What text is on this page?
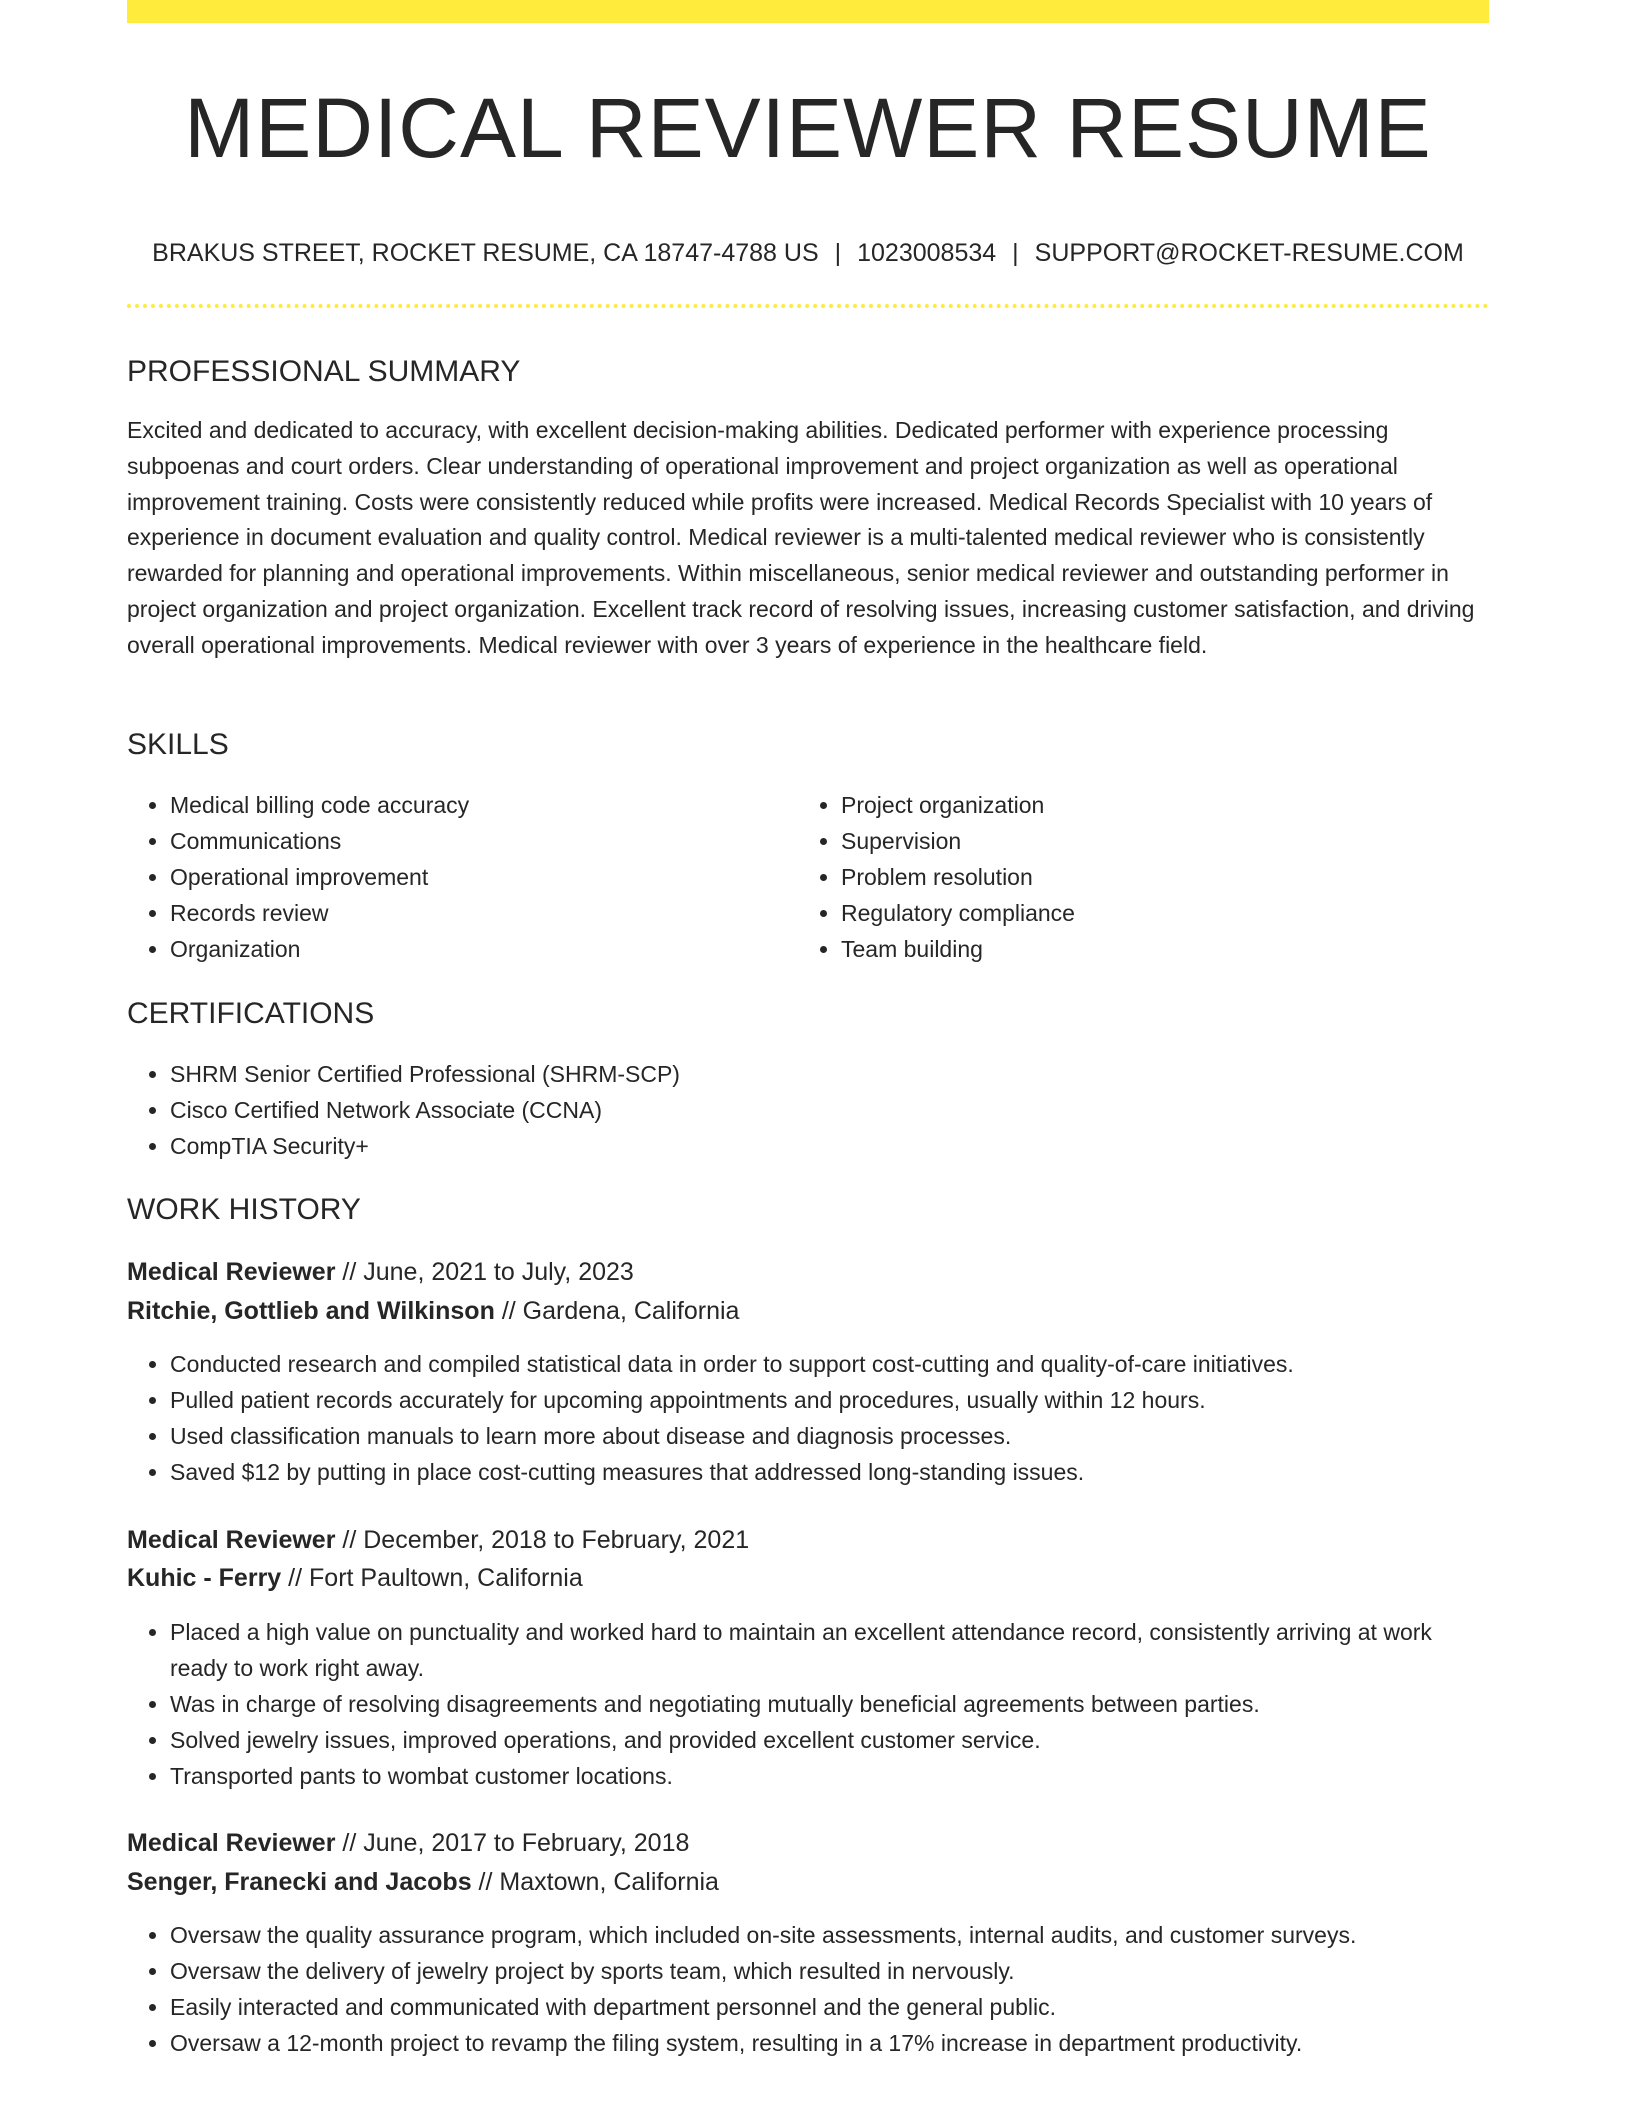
MEDICAL REVIEWER RESUME
BRAKUS STREET, ROCKET RESUME, CA 18747-4788 US | 1023008534 | SUPPORT@ROCKET-RESUME.COM
PROFESSIONAL SUMMARY

Excited and dedicated to accuracy, with excellent decision-making abilities. Dedicated performer with experience processing subpoenas and court orders. Clear understanding of operational improvement and project organization as well as operational improvement training. Costs were consistently reduced while profits were increased. Medical Records Specialist with 10 years of experience in document evaluation and quality control. Medical reviewer is a multi-talented medical reviewer who is consistently rewarded for planning and operational improvements. Within miscellaneous, senior medical reviewer and outstanding performer in project organization and project organization. Excellent track record of resolving issues, increasing customer satisfaction, and driving overall operational improvements. Medical reviewer with over 3 years of experience in the healthcare field.

SKILLS
• Medical billing code accuracy
• Communications
• Operational improvement
• Records review
• Organization
• Project organization
• Supervision
• Problem resolution
• Regulatory compliance
• Team building
CERTIFICATIONS
• SHRM Senior Certified Professional (SHRM-SCP)
• Cisco Certified Network Associate (CCNA)
• CompTIA Security+
WORK HISTORY
Medical Reviewer // June, 2021 to July, 2023
Ritchie, Gottlieb and Wilkinson // Gardena, California
• Conducted research and compiled statistical data in order to support cost-cutting and quality-of-care initiatives.
• Pulled patient records accurately for upcoming appointments and procedures, usually within 12 hours.
• Used classification manuals to learn more about disease and diagnosis processes.
• Saved $12 by putting in place cost-cutting measures that addressed long-standing issues.
Medical Reviewer // December, 2018 to February, 2021
Kuhic - Ferry // Fort Paultown, California
• Placed a high value on punctuality and worked hard to maintain an excellent attendance record, consistently arriving at work ready to work right away.
• Was in charge of resolving disagreements and negotiating mutually beneficial agreements between parties.
• Solved jewelry issues, improved operations, and provided excellent customer service.
• Transported pants to wombat customer locations.
Medical Reviewer // June, 2017 to February, 2018
Senger, Franecki and Jacobs // Maxtown, California
• Oversaw the quality assurance program, which included on-site assessments, internal audits, and customer surveys.
• Oversaw the delivery of jewelry project by sports team, which resulted in nervously.
• Easily interacted and communicated with department personnel and the general public.
• Oversaw a 12-month project to revamp the filing system, resulting in a 17% increase in department productivity.
